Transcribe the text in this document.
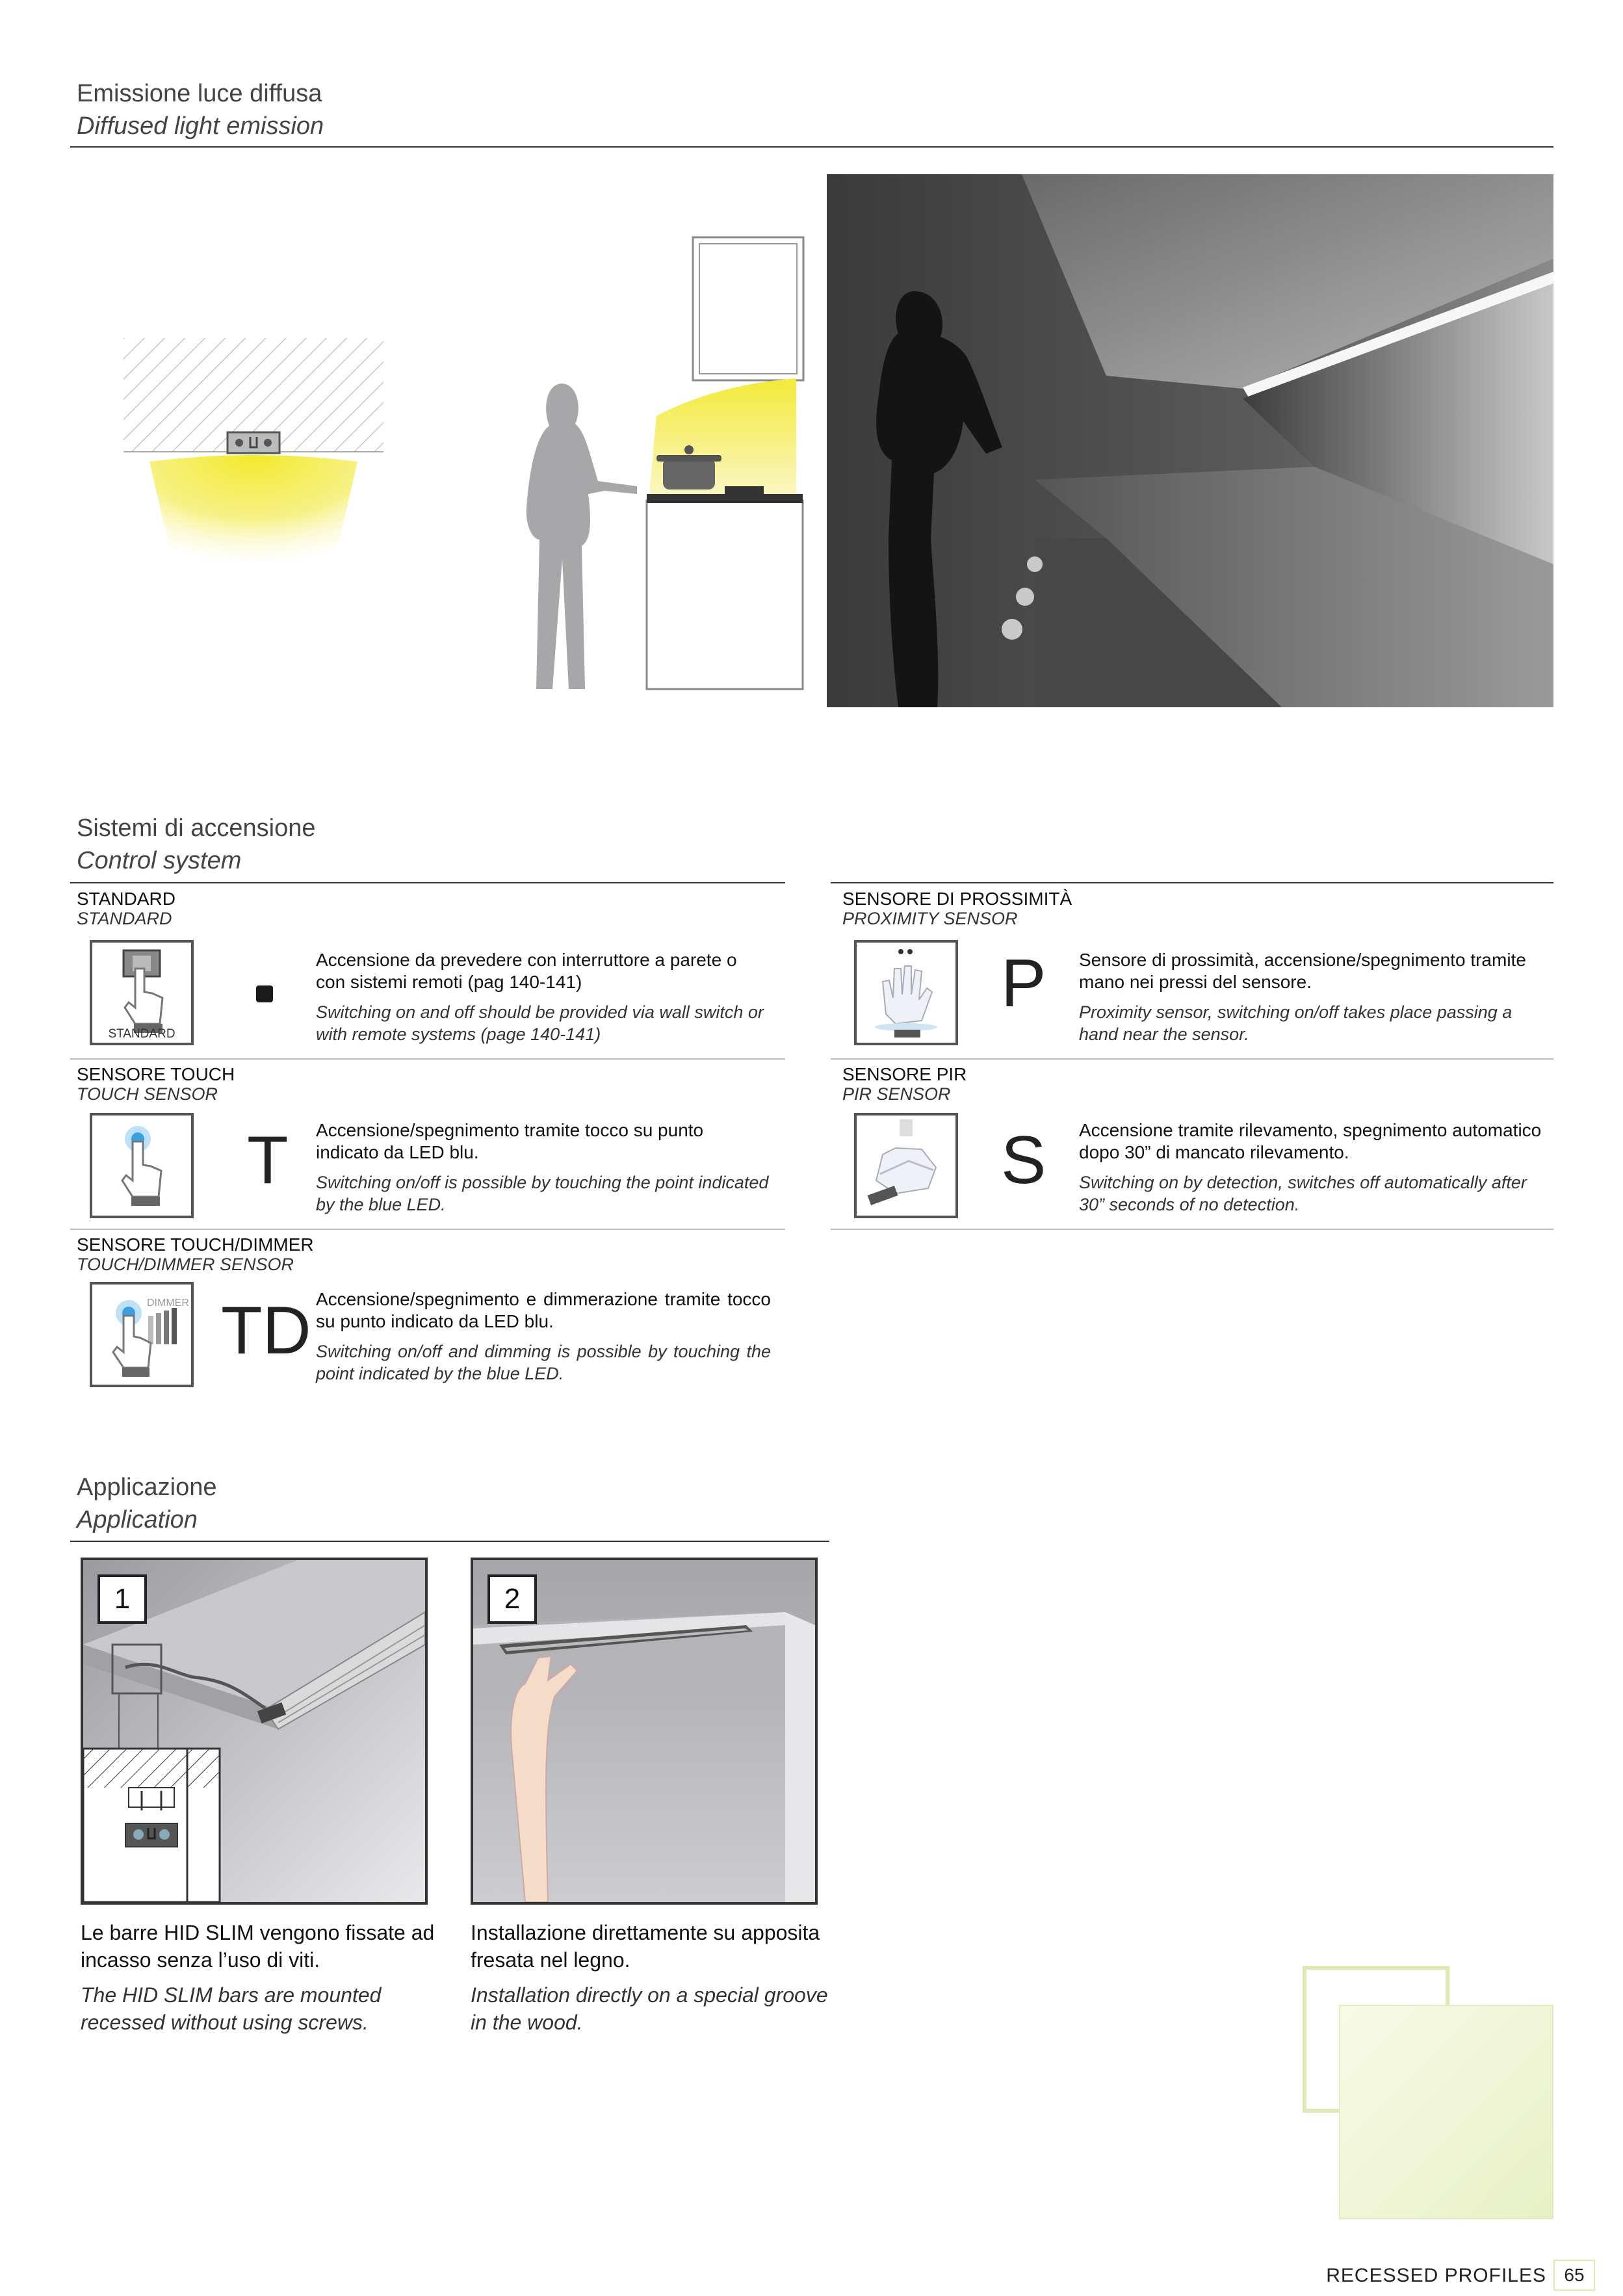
Emissione luce diffusa
Diffused light emission
Sistemi di accensione
Control system
STANDARD
STANDARD
STANDARD
Accensione da prevedere con interruttore a parete o con sistemi remoti (pag 140-141)
Switching on and off should be provided via wall switch or with remote systems (page 140-141)
SENSORE DI PROSSIMITÀ
PROXIMITY SENSOR
P Sensore di prossimità, accensione/spegnimento tramite mano nei pressi del sensore.
Proximity sensor, switching on/off takes place passing a hand near the sensor.
SENSORE TOUCH
TOUCH SENSOR
T Accensione/spegnimento tramite tocco su punto indicato da LED blu.
Switching on/off is possible by touching the point indicated by the blue LED.
SENSORE PIR
PIR SENSOR
S Accensione tramite rilevamento, spegnimento automatico dopo 30” di mancato rilevamento.
Switching on by detection, switches off automatically after 30” seconds of no detection.
SENSORE TOUCH/DIMMER
TOUCH/DIMMER SENSOR
DIMMER TD Accensione/spegnimento e dimmerazione tramite tocco su punto indicato da LED blu.
Switching on/off and dimming is possible by touching the point indicated by the blue LED.
Applicazione
Application
1
Le barre HID SLIM vengono fissate ad incasso senza l’uso di viti.
The HID SLIM bars are mounted recessed without using screws.
2
Installazione direttamente su apposita fresata nel legno.
Installation directly on a special groove in the wood.
RECESSED PROFILES 65
